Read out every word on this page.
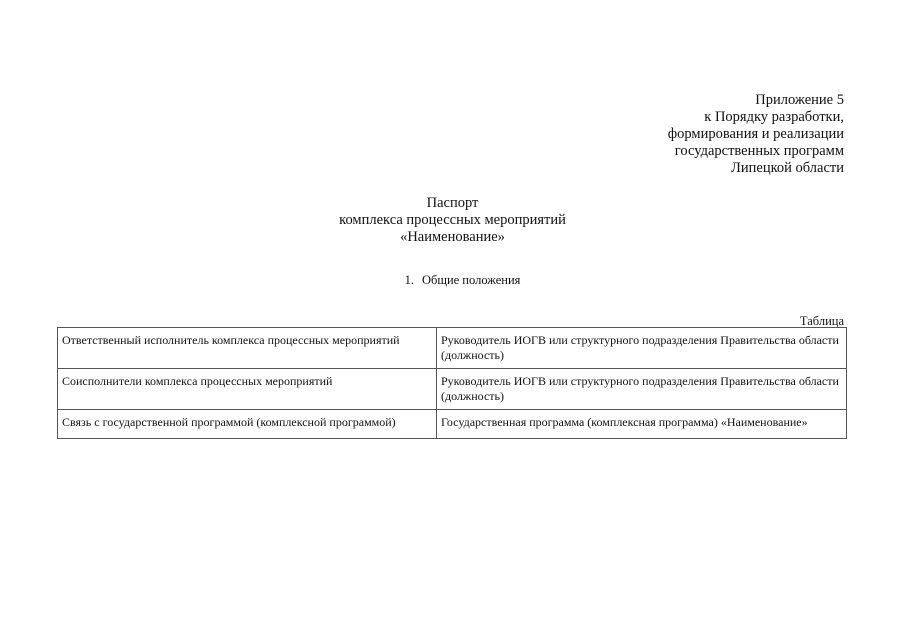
Приложение 5
к Порядку разработки,
формирования и реализации
государственных программ
Липецкой области
Паспорт
комплекса процессных мероприятий
«Наименование»
1. Общие положения
Таблица
Ответственный исполнитель комплекса процессных мероприятий	Руководитель ИОГВ или структурного подразделения Правительства области (должность)
Соисполнители комплекса процессных мероприятий	Руководитель ИОГВ или структурного подразделения Правительства области (должность)
Связь с государственной программой (комплексной программой)	Государственная программа (комплексная программа) «Наименование»
